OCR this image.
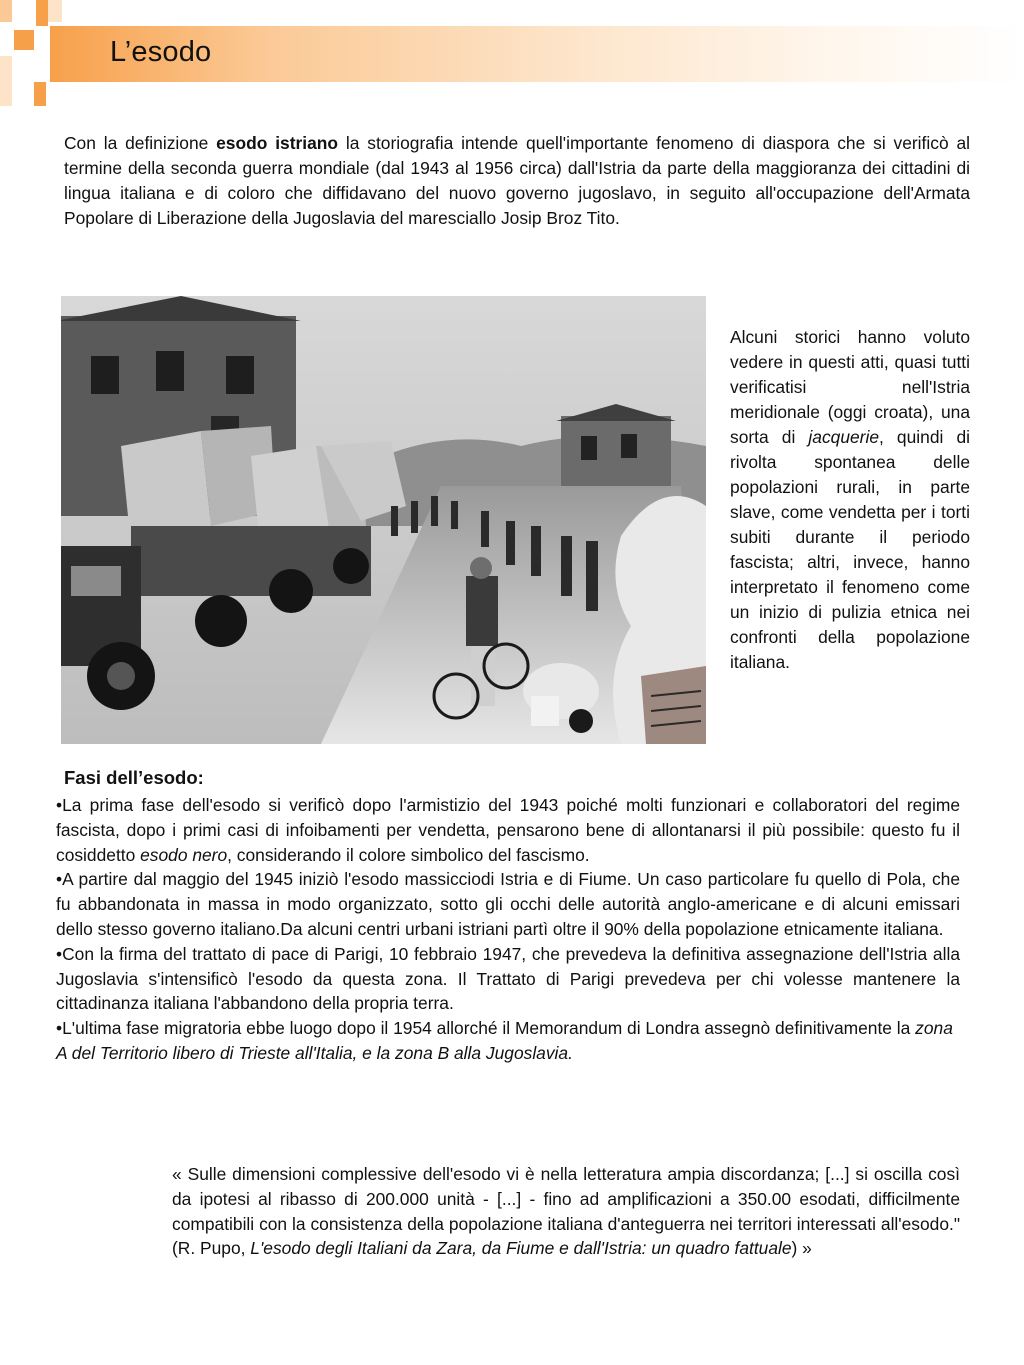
L’esodo

Con la definizione esodo istriano la storiografia intende quell'importante fenomeno di diaspora che si verificò al termine della seconda guerra mondiale (dal 1943 al 1956 circa) dall'Istria da parte della maggioranza dei cittadini di lingua italiana e di coloro che diffidavano del nuovo governo jugoslavo, in seguito all'occupazione dell'Armata Popolare di Liberazione della Jugoslavia del maresciallo Josip Broz Tito.

Alcuni storici hanno voluto vedere in questi atti, quasi tutti verificatisi nell'Istria meridionale (oggi croata), una sorta di jacquerie, quindi di rivolta spontanea delle popolazioni rurali, in parte slave, come vendetta per i torti subiti durante il periodo fascista; altri, invece, hanno interpretato il fenomeno come un inizio di pulizia etnica nei confronti della popolazione italiana.

Fasi dell’esodo:

•La prima fase dell'esodo si verificò dopo l'armistizio del 1943 poiché molti funzionari e collaboratori del regime fascista, dopo i primi casi di infoibamenti per vendetta, pensarono bene di allontanarsi il più possibile: questo fu il cosiddetto esodo nero, considerando il colore simbolico del fascismo.

•A partire dal maggio del 1945 iniziò l'esodo massicciodi Istria e di Fiume. Un caso particolare fu quello di Pola, che fu abbandonata in massa in modo organizzato, sotto gli occhi delle autorità anglo-americane e di alcuni emissari dello stesso governo italiano.Da alcuni centri urbani istriani partì oltre il 90% della popolazione etnicamente italiana.

•Con la firma del trattato di pace di Parigi, 10 febbraio 1947, che prevedeva la definitiva assegnazione dell'Istria alla Jugoslavia s'intensificò l'esodo da questa zona. Il Trattato di Parigi prevedeva per chi volesse mantenere la cittadinanza italiana l'abbandono della propria terra.

•L'ultima fase migratoria ebbe luogo dopo il 1954 allorché il Memorandum di Londra assegnò definitivamente la zona A del Territorio libero di Trieste all'Italia, e la zona B alla Jugoslavia.

« Sulle dimensioni complessive dell'esodo vi è nella letteratura ampia discordanza; [...] si oscilla così da ipotesi al ribasso di 200.000 unità - [...] - fino ad amplificazioni a 350.00 esodati, difficilmente compatibili con la consistenza della popolazione italiana d'anteguerra nei territori interessati all'esodo." (R. Pupo, L'esodo degli Italiani da Zara, da Fiume e dall'Istria: un quadro fattuale) »
